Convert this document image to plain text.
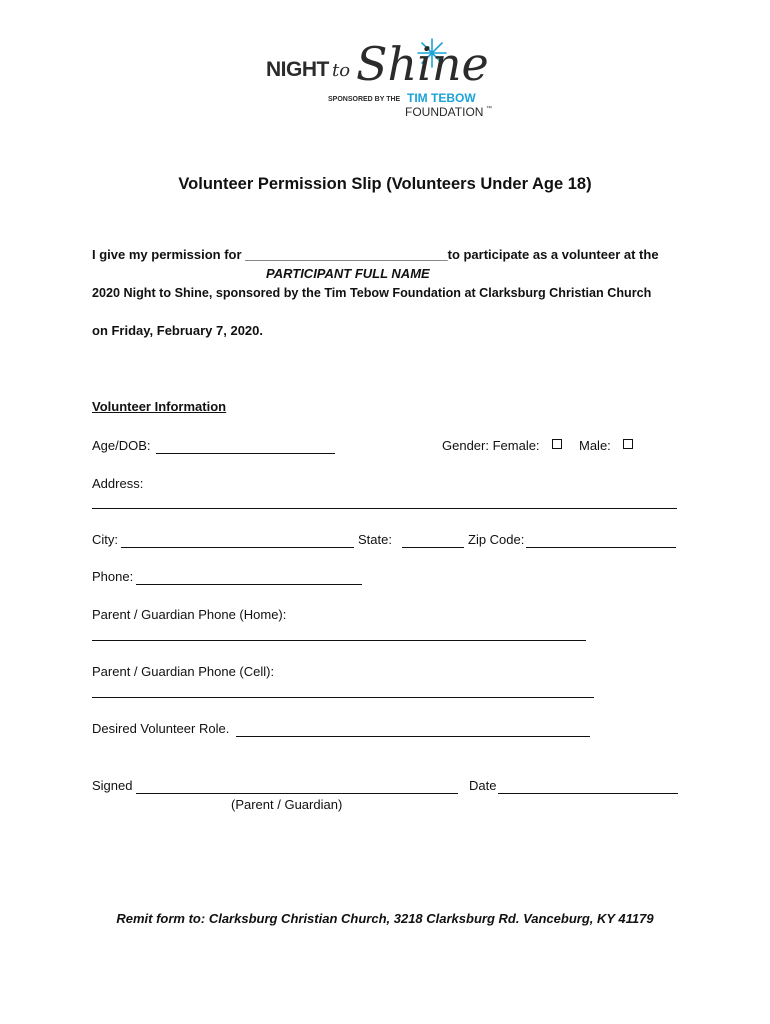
NIGHT to Shine
SPONSORED BY THE TIM TEBOW
FOUNDATION ™
Volunteer Permission Slip (Volunteers Under Age 18)
I give my permission for ____________________________to participate as a volunteer at the
PARTICIPANT FULL NAME
2020 Night to Shine, sponsored by the Tim Tebow Foundation at Clarksburg Christian Church
on Friday, February 7, 2020.
Volunteer Information
Age/DOB:	Gender: Female:	Male:
Address:
City:	State:	Zip Code:
Phone:
Parent / Guardian Phone (Home):
Parent / Guardian Phone (Cell):
Desired Volunteer Role.
Signed	Date
(Parent / Guardian)
Remit form to: Clarksburg Christian Church, 3218 Clarksburg Rd. Vanceburg, KY 41179
